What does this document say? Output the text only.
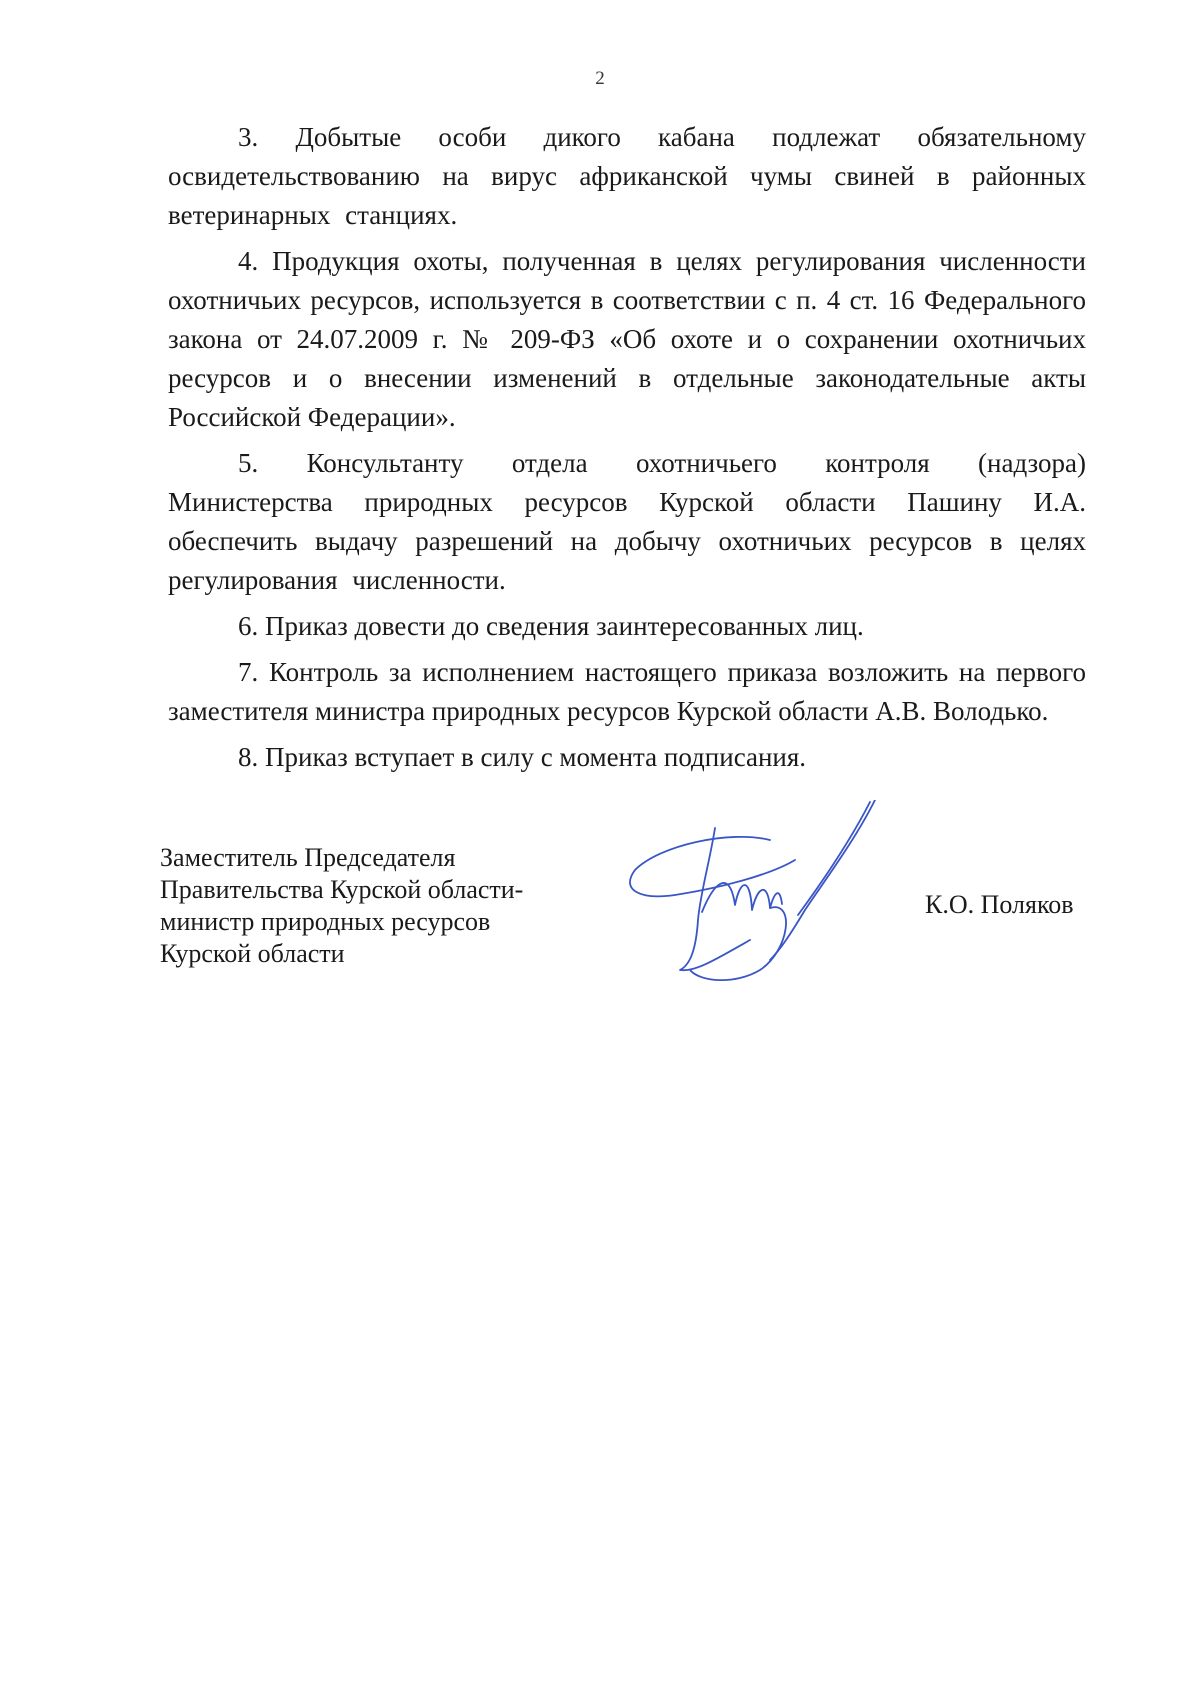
2

3. Добытые особи дикого кабана подлежат обязательному освидетельствованию на вирус африканской чумы свиней в районных ветеринарных станциях.

4. Продукция охоты, полученная в целях регулирования численности охотничьих ресурсов, используется в соответствии с п. 4 ст. 16 Федерального закона от 24.07.2009 г. № 209-ФЗ «Об охоте и о сохранении охотничьих ресурсов и о внесении изменений в отдельные законодательные акты Российской Федерации».

5. Консультанту отдела охотничьего контроля (надзора) Министерства природных ресурсов Курской области Пашину И.А. обеспечить выдачу разрешений на добычу охотничьих ресурсов в целях регулирования численности.

6. Приказ довести до сведения заинтересованных лиц.

7. Контроль за исполнением настоящего приказа возложить на первого заместителя министра природных ресурсов Курской области А.В. Володько.

8. Приказ вступает в силу с момента подписания.

Заместитель Председателя
Правительства Курской области-
министр природных ресурсов
Курской области
К.О. Поляков
